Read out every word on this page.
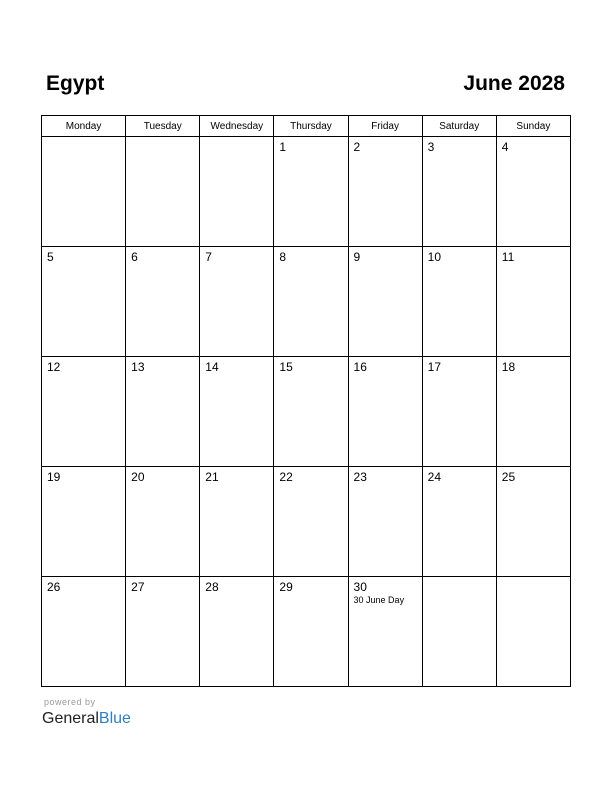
Egypt	June 2028
Monday	Tuesday	Wednesday	Thursday	Friday	Saturday	Sunday

			1	2	3	4

5	6	7	8	9	10	11

12	13	14	15	16	17	18

19	20	21	22	23	24	25

26	27	28	29	30
30 June Day		

powered by
GeneralBlue
